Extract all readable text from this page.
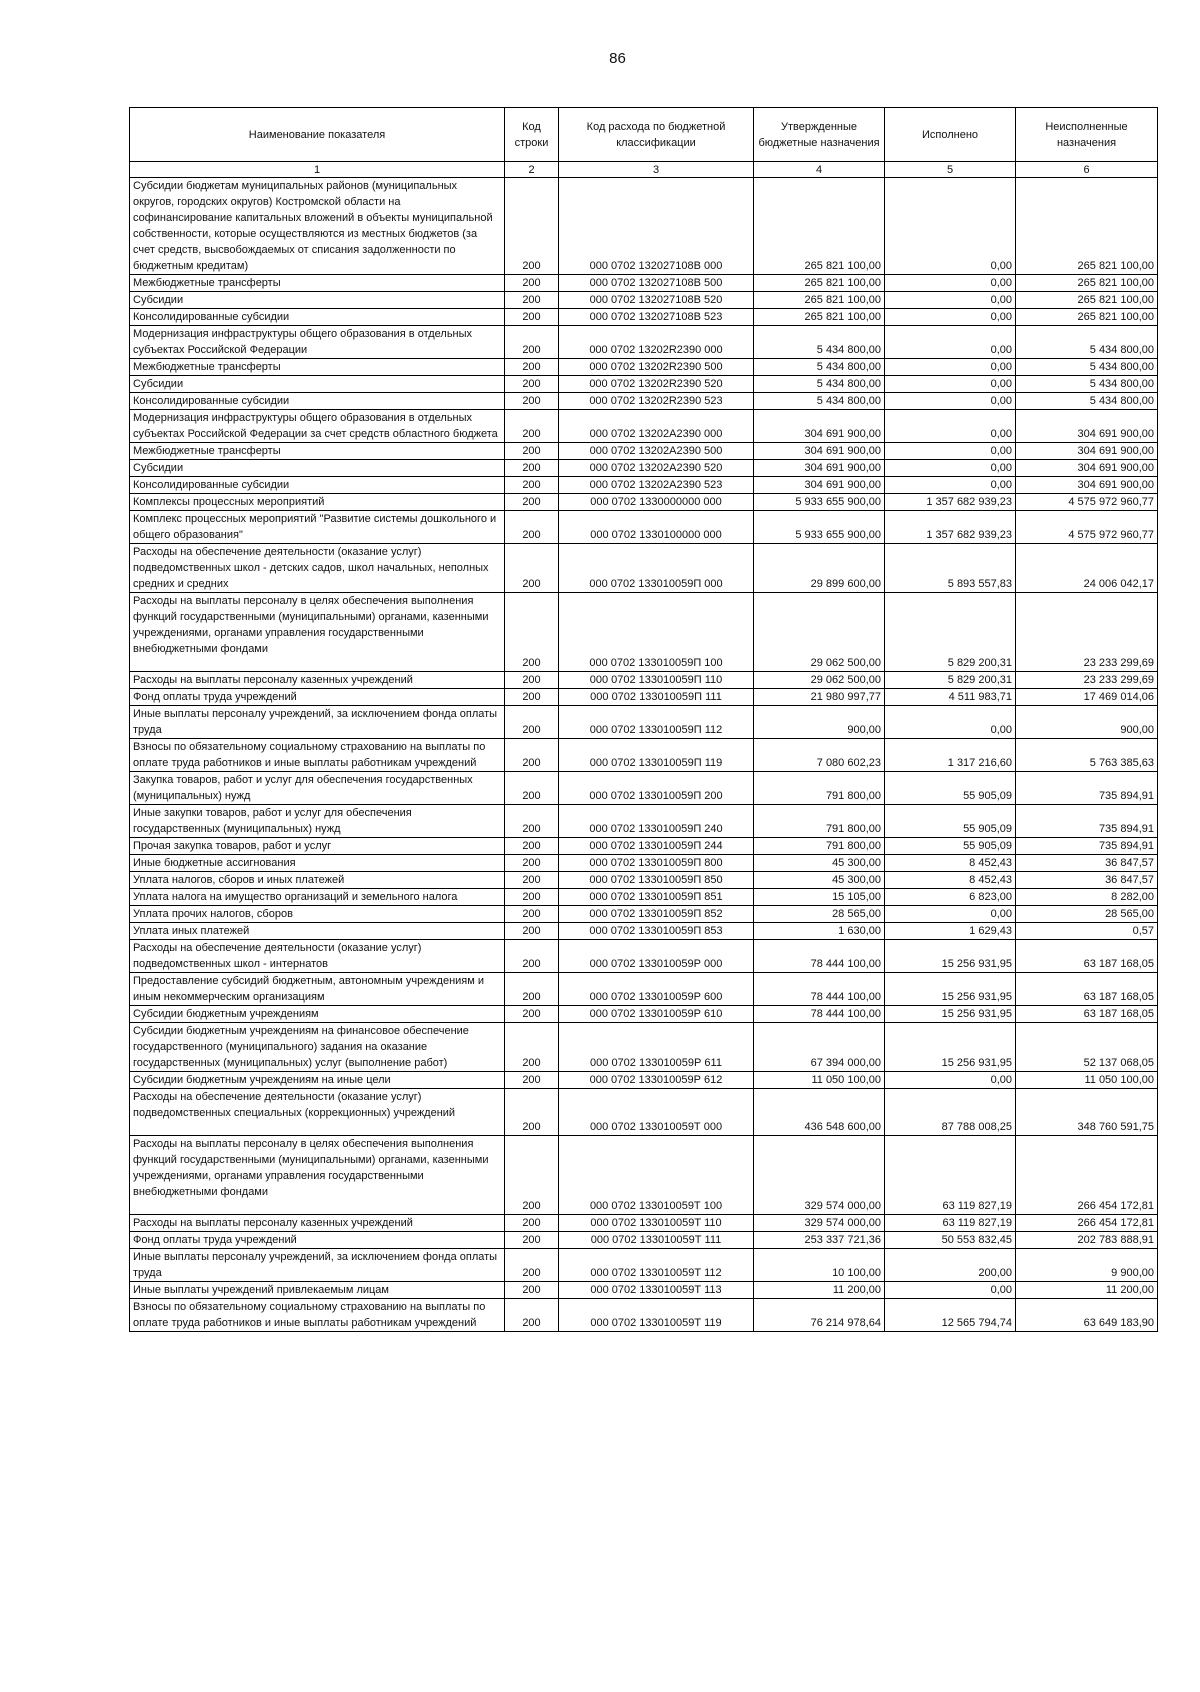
86
Наименование показателя	Код строки	Код расхода по бюджетной классификации	Утвержденные бюджетные назначения	Исполнено	Неисполненные назначения
1	2	3	4	5	6
Субсидии бюджетам муниципальных районов (муниципальных округов, городских округов) Костромской области на софинансирование капитальных вложений в объекты муниципальной собственности, которые осуществляются из местных бюджетов (за счет средств, высвобождаемых от списания задолженности по бюджетным кредитам)	200	000 0702 132027108В 000	265 821 100,00	0,00	265 821 100,00
Межбюджетные трансферты	200	000 0702 132027108В 500	265 821 100,00	0,00	265 821 100,00
Субсидии	200	000 0702 132027108В 520	265 821 100,00	0,00	265 821 100,00
Консолидированные субсидии	200	000 0702 132027108В 523	265 821 100,00	0,00	265 821 100,00
Модернизация инфраструктуры общего образования в отдельных субъектах Российской Федерации	200	000 0702 13202R2390 000	5 434 800,00	0,00	5 434 800,00
Межбюджетные трансферты	200	000 0702 13202R2390 500	5 434 800,00	0,00	5 434 800,00
Субсидии	200	000 0702 13202R2390 520	5 434 800,00	0,00	5 434 800,00
Консолидированные субсидии	200	000 0702 13202R2390 523	5 434 800,00	0,00	5 434 800,00
Модернизация инфраструктуры общего образования в отдельных субъектах Российской Федерации за счет средств областного бюджета	200	000 0702 13202A2390 000	304 691 900,00	0,00	304 691 900,00
Межбюджетные трансферты	200	000 0702 13202A2390 500	304 691 900,00	0,00	304 691 900,00
Субсидии	200	000 0702 13202A2390 520	304 691 900,00	0,00	304 691 900,00
Консолидированные субсидии	200	000 0702 13202A2390 523	304 691 900,00	0,00	304 691 900,00
Комплексы процессных мероприятий	200	000 0702 1330000000 000	5 933 655 900,00	1 357 682 939,23	4 575 972 960,77
Комплекс процессных мероприятий "Развитие системы дошкольного и общего образования"	200	000 0702 1330100000 000	5 933 655 900,00	1 357 682 939,23	4 575 972 960,77
Расходы на обеспечение деятельности (оказание услуг) подведомственных школ - детских садов, школ начальных, неполных средних и средних	200	000 0702 133010059П 000	29 899 600,00	5 893 557,83	24 006 042,17
Расходы на выплаты персоналу в целях обеспечения выполнения функций государственными (муниципальными) органами, казенными учреждениями, органами управления государственными внебюджетными фондами	200	000 0702 133010059П 100	29 062 500,00	5 829 200,31	23 233 299,69
Расходы на выплаты персоналу казенных учреждений	200	000 0702 133010059П 110	29 062 500,00	5 829 200,31	23 233 299,69
Фонд оплаты труда учреждений	200	000 0702 133010059П 111	21 980 997,77	4 511 983,71	17 469 014,06
Иные выплаты персоналу учреждений, за исключением фонда оплаты труда	200	000 0702 133010059П 112	900,00	0,00	900,00
Взносы по обязательному социальному страхованию на выплаты по оплате труда работников и иные выплаты работникам учреждений	200	000 0702 133010059П 119	7 080 602,23	1 317 216,60	5 763 385,63
Закупка товаров, работ и услуг для обеспечения государственных (муниципальных) нужд	200	000 0702 133010059П 200	791 800,00	55 905,09	735 894,91
Иные закупки товаров, работ и услуг для обеспечения государственных (муниципальных) нужд	200	000 0702 133010059П 240	791 800,00	55 905,09	735 894,91
Прочая закупка товаров, работ и услуг	200	000 0702 133010059П 244	791 800,00	55 905,09	735 894,91
Иные бюджетные ассигнования	200	000 0702 133010059П 800	45 300,00	8 452,43	36 847,57
Уплата налогов, сборов и иных платежей	200	000 0702 133010059П 850	45 300,00	8 452,43	36 847,57
Уплата налога на имущество организаций и земельного налога	200	000 0702 133010059П 851	15 105,00	6 823,00	8 282,00
Уплата прочих налогов, сборов	200	000 0702 133010059П 852	28 565,00	0,00	28 565,00
Уплата иных платежей	200	000 0702 133010059П 853	1 630,00	1 629,43	0,57
Расходы на обеспечение деятельности (оказание услуг) подведомственных школ - интернатов	200	000 0702 133010059Р 000	78 444 100,00	15 256 931,95	63 187 168,05
Предоставление субсидий бюджетным, автономным учреждениям и иным некоммерческим организациям	200	000 0702 133010059Р 600	78 444 100,00	15 256 931,95	63 187 168,05
Субсидии бюджетным учреждениям	200	000 0702 133010059Р 610	78 444 100,00	15 256 931,95	63 187 168,05
Субсидии бюджетным учреждениям на финансовое обеспечение государственного (муниципального) задания на оказание государственных (муниципальных) услуг (выполнение работ)	200	000 0702 133010059Р 611	67 394 000,00	15 256 931,95	52 137 068,05
Субсидии бюджетным учреждениям на иные цели	200	000 0702 133010059Р 612	11 050 100,00	0,00	11 050 100,00
Расходы на обеспечение деятельности (оказание услуг) подведомственных специальных (коррекционных) учреждений	200	000 0702 133010059Т 000	436 548 600,00	87 788 008,25	348 760 591,75
Расходы на выплаты персоналу в целях обеспечения выполнения функций государственными (муниципальными) органами, казенными учреждениями, органами управления государственными внебюджетными фондами	200	000 0702 133010059Т 100	329 574 000,00	63 119 827,19	266 454 172,81
Расходы на выплаты персоналу казенных учреждений	200	000 0702 133010059Т 110	329 574 000,00	63 119 827,19	266 454 172,81
Фонд оплаты труда учреждений	200	000 0702 133010059Т 111	253 337 721,36	50 553 832,45	202 783 888,91
Иные выплаты персоналу учреждений, за исключением фонда оплаты труда	200	000 0702 133010059Т 112	10 100,00	200,00	9 900,00
Иные выплаты учреждений привлекаемым лицам	200	000 0702 133010059Т 113	11 200,00	0,00	11 200,00
Взносы по обязательному социальному страхованию на выплаты по оплате труда работников и иные выплаты работникам учреждений	200	000 0702 133010059Т 119	76 214 978,64	12 565 794,74	63 649 183,90
